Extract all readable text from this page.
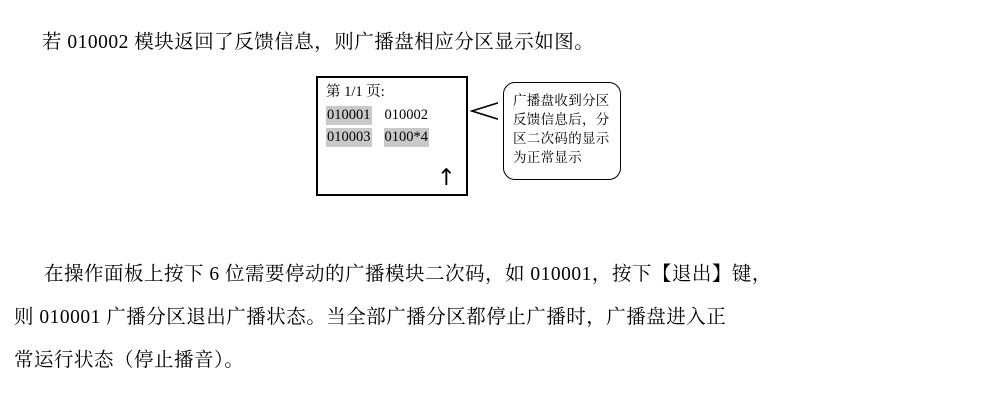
若 010002 模块返回了反馈信息，则广播盘相应分区显示如图。
第 1/1 页:
010001 010002
010003 0100*4
↑
广播盘收到分区反馈信息后，分区二次码的显示为正常显示
在操作面板上按下 6 位需要停动的广播模块二次码，如 010001，按下【退出】键，
则 010001 广播分区退出广播状态。当全部广播分区都停止广播时，广播盘进入正
常运行状态（停止播音）。
